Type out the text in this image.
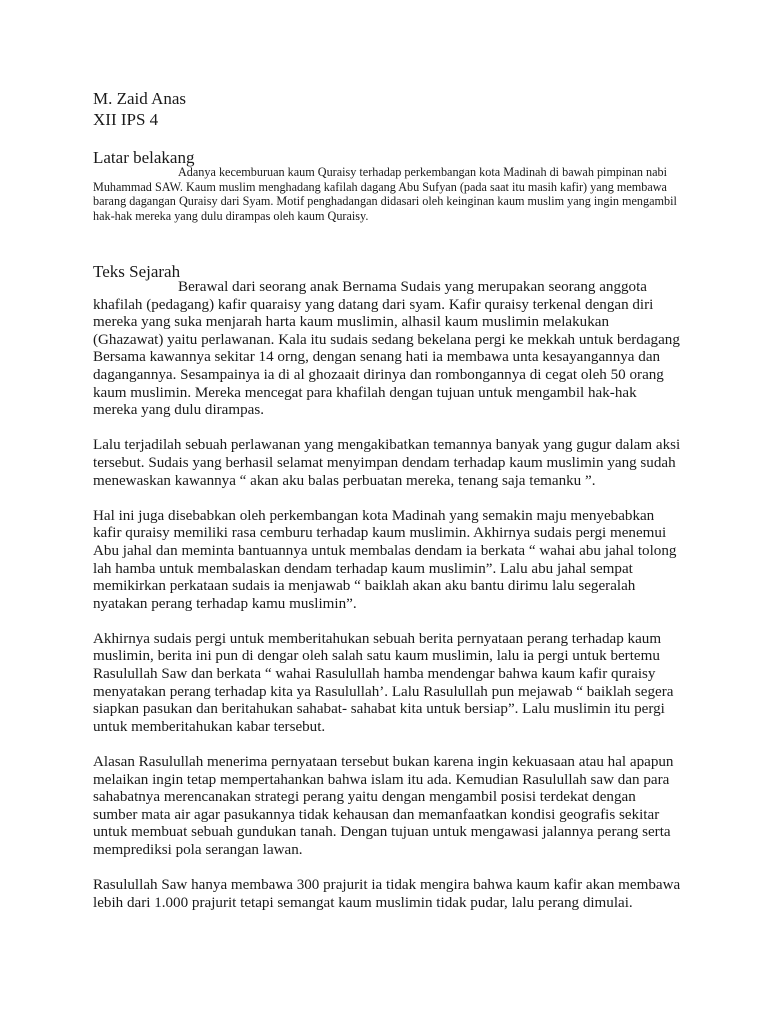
M. Zaid Anas
XII IPS 4
Latar belakang
Adanya kecemburuan kaum Quraisy terhadap perkembangan kota Madinah di bawah pimpinan nabi Muhammad SAW. Kaum muslim menghadang kafilah dagang Abu Sufyan (pada saat itu masih kafir) yang membawa barang dagangan Quraisy dari Syam. Motif penghadangan didasari oleh keinginan kaum muslim yang ingin mengambil hak-hak mereka yang dulu dirampas oleh kaum Quraisy.
Teks Sejarah

Berawal dari seorang anak Bernama Sudais yang merupakan seorang anggota khafilah (pedagang) kafir quaraisy yang datang dari syam. Kafir quraisy terkenal dengan diri mereka yang suka menjarah harta kaum muslimin, alhasil kaum muslimin melakukan (Ghazawat) yaitu perlawanan. Kala itu sudais sedang bekelana pergi ke mekkah untuk berdagang Bersama kawannya sekitar 14 orng, dengan senang hati ia membawa unta kesayangannya dan dagangannya. Sesampainya ia di al ghozaait dirinya dan rombongannya di cegat oleh 50 orang kaum muslimin. Mereka mencegat para khafilah dengan tujuan untuk mengambil hak-hak mereka yang dulu dirampas.

Lalu terjadilah sebuah perlawanan yang mengakibatkan temannya banyak yang gugur dalam aksi tersebut. Sudais yang berhasil selamat menyimpan dendam terhadap kaum muslimin yang sudah menewaskan kawannya “ akan aku balas perbuatan mereka, tenang saja temanku ”.

Hal ini juga disebabkan oleh perkembangan kota Madinah yang semakin maju menyebabkan kafir quraisy memiliki rasa cemburu terhadap kaum muslimin. Akhirnya sudais pergi menemui Abu jahal dan meminta bantuannya untuk membalas dendam ia berkata “ wahai abu jahal tolong lah hamba untuk membalaskan dendam terhadap kaum muslimin”. Lalu abu jahal sempat memikirkan perkataan sudais ia menjawab “ baiklah akan aku bantu dirimu lalu segeralah nyatakan perang terhadap kamu muslimin”.

Akhirnya sudais pergi untuk memberitahukan sebuah berita pernyataan perang terhadap kaum muslimin, berita ini pun di dengar oleh salah satu kaum muslimin, lalu ia pergi untuk bertemu Rasulullah Saw dan berkata “ wahai Rasulullah hamba mendengar bahwa kaum kafir quraisy menyatakan perang terhadap kita ya Rasulullah’. Lalu Rasulullah pun mejawab “ baiklah segera siapkan pasukan dan beritahukan sahabat- sahabat kita untuk bersiap”. Lalu muslimin itu pergi untuk memberitahukan kabar tersebut.

Alasan Rasulullah menerima pernyataan tersebut bukan karena ingin kekuasaan atau hal apapun melaikan ingin tetap mempertahankan bahwa islam itu ada. Kemudian Rasulullah saw dan para sahabatnya merencanakan strategi perang yaitu dengan mengambil posisi terdekat dengan sumber mata air agar pasukannya tidak kehausan dan memanfaatkan kondisi geografis sekitar untuk membuat sebuah gundukan tanah. Dengan tujuan untuk mengawasi jalannya perang serta memprediksi pola serangan lawan.

Rasulullah Saw hanya membawa 300 prajurit ia tidak mengira bahwa kaum kafir akan membawa lebih dari 1.000 prajurit tetapi semangat kaum muslimin tidak pudar, lalu perang dimulai.
